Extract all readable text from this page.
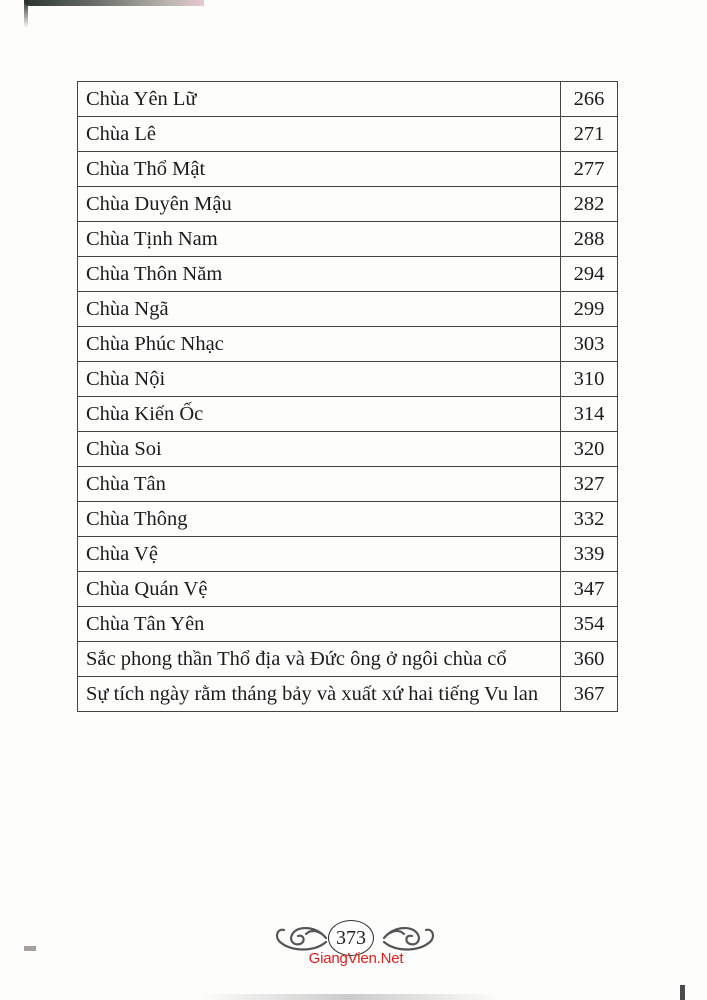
Chùa Yên Lữ	266
Chùa Lê	271
Chùa Thổ Mật	277
Chùa Duyên Mậu	282
Chùa Tịnh Nam	288
Chùa Thôn Năm	294
Chùa Ngã	299
Chùa Phúc Nhạc	303
Chùa Nội	310
Chùa Kiến Ốc	314
Chùa Soi	320
Chùa Tân	327
Chùa Thông	332
Chùa Vệ	339
Chùa Quán Vệ	347
Chùa Tân Yên	354
Sắc phong thần Thổ địa và Đức ông ở ngôi chùa cổ	360
Sự tích ngày rằm tháng bảy và xuất xứ hai tiếng Vu lan	367
373
GiangVien.Net
